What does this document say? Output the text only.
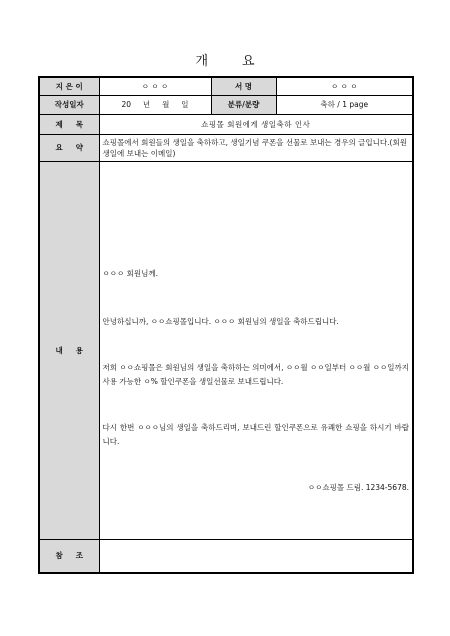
개	요
지 은 이	ㅇ ㅇ ㅇ	서 명	ㅇ ㅇ ㅇ
작성일자	20     년     월     일	분류/분량	축하 / 1 page
제     목	쇼핑몰 회원에게 생일축하 인사		
요     약	쇼핑몰에서 회원들의 생일을 축하하고, 생일기념 쿠폰을 선물로 보내는 경우의 글입니다.(회원생일에 보내는 이메일)		
내     용	ㅇㅇㅇ 회원님께.

안녕하십니까, ㅇㅇ쇼핑몰입니다. ㅇㅇㅇ 회원님의 생일을 축하드립니다.

저희 ㅇㅇ쇼핑몰은 회원님의 생일을 축하하는 의미에서, ㅇㅇ월 ㅇㅇ일부터 ㅇㅇ월 ㅇㅇ일까지 사용 가능한 ㅇ% 할인쿠폰을 생일선물로 보내드립니다.

다시 한번 ㅇㅇㅇ님의 생일을 축하드리며, 보내드린 할인쿠폰으로 유쾌한 쇼핑을 하시기 바랍니다.

ㅇㅇ쇼핑몰 드림. 1234-5678.		

참     조			
